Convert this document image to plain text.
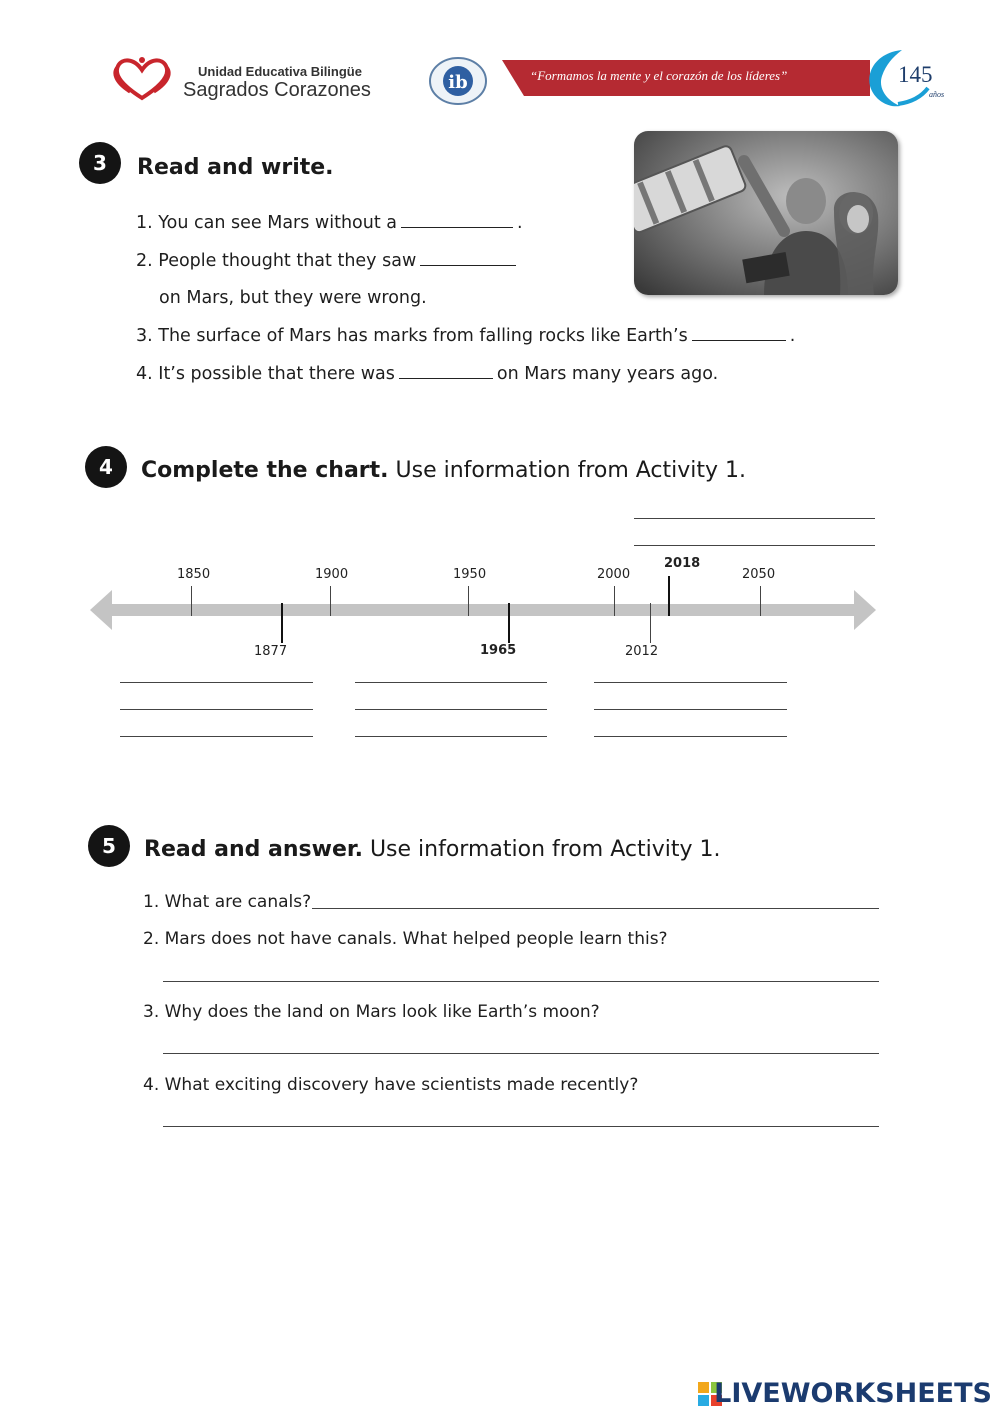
Unidad Educativa Bilingüe
Sagrados Corazones	ib	“Formamos la mente y el corazón de los líderes”	145
años
3	Read and write.
1. You can see Mars without a	.
2. People thought that they saw
on Mars, but they were wrong.
3. The surface of Mars has marks from falling rocks like Earth’s	.
4. It’s possible that there was	on Mars many years ago.
4	Complete the chart. Use information from Activity 1.
1850	1900	1950	2000
2018
2050
1877	1965	2012
5	Read and answer. Use information from Activity 1.
1. What are canals?
2. Mars does not have canals. What helped people learn this?
3. Why does the land on Mars look like Earth’s moon?
4. What exciting discovery have scientists made recently?
LIVEWORKSHEETS
